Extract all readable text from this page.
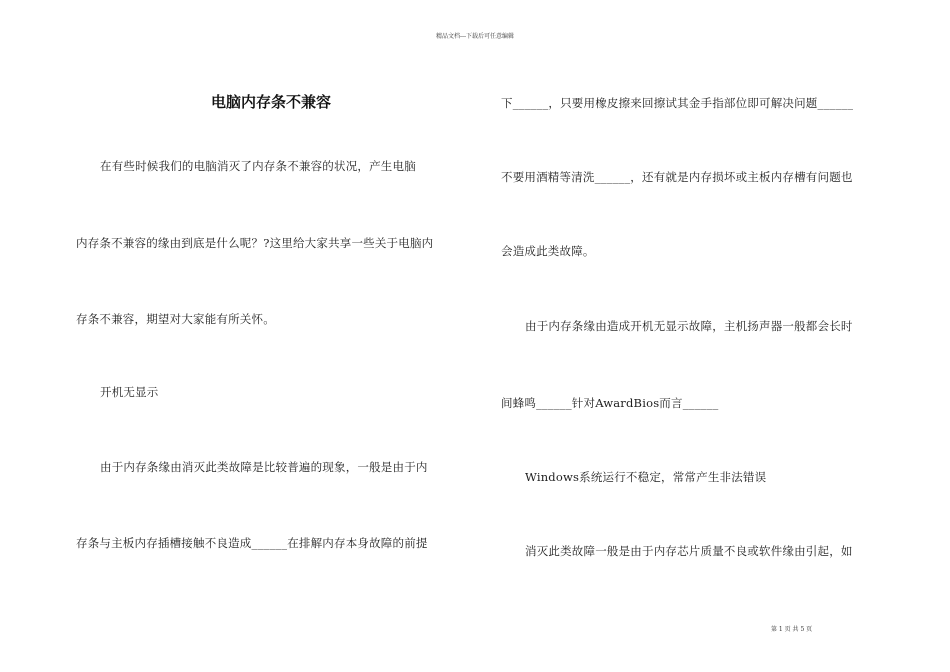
精品文档---下载后可任意编辑
电脑内存条不兼容
在有些时候我们的电脑消灭了内存条不兼容的状况，产生电脑
内存条不兼容的缘由到底是什么呢？?这里给大家共享一些关于电脑内
存条不兼容，期望对大家能有所关怀。
开机无显示
由于内存条缘由消灭此类故障是比较普遍的现象，一般是由于内
存条与主板内存插槽接触不良造成______在排解内存本身故障的前提
下______，只要用橡皮擦来回擦试其金手指部位即可解决问题______
不要用酒精等清洗______，还有就是内存损坏或主板内存槽有问题也
会造成此类故障。
由于内存条缘由造成开机无显示故障，主机扬声器一般都会长时
间蜂鸣______针对AwardBios而言______
Windows系统运行不稳定，常常产生非法错误
消灭此类故障一般是由于内存芯片质量不良或软件缘由引起，如
第 1 页 共 5 页
